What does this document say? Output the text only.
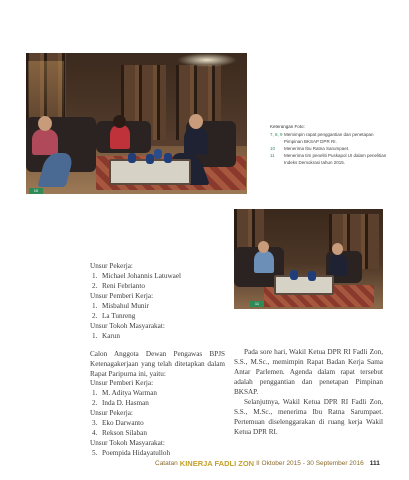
10
Keterangan Foto:
7, 8, 9 Memimpin rapat penggantian dan penetapan Pimpinan BKSAP DPR RI.
10	Menerima Ibu Ratna Sarumpaet.
11	Menerima tim peneliti Puskapol UI dalam penelitian Indeks Demokrasi tahun 2015.
11
Unsur Pekerja:
1. Michael Johannis Latuwael
2. Reni Febrianto
Unsur Pemberi Kerja:
1. Misbahul Munir
2. La Tunreng
Unsur Tokoh Masyarakat:
1. Karun
Calon Anggota Dewan Pengawas BPJS Ketenagakerjaan yang telah ditetapkan dalam Rapat Paripurna ini, yaitu:
Unsur Pemberi Kerja:
1. M. Aditya Warman
2. Inda D. Hasman
Unsur Pekerja:
3. Eko Darwanto
4. Rekson Silaban
Unsur Tokoh Masyarakat:
5. Poempida Hidayatulloh

Pada sore hari, Wakil Ketua DPR RI Fadli Zon, S.S., M.Sc., memimpin Rapat Badan Kerja Sama Antar Parlemen. Agenda dalam rapat tersebut adalah penggantian dan penetapan Pimpinan BKSAP.

Selanjutnya, Wakil Ketua DPR RI Fadli Zon, S.S., M.Sc., menerima Ibu Ratna Sarumpaet. Pertemuan diselenggarakan di ruang kerja Wakil Ketua DPR RI.

Catatan KINERJA FADLI ZON II Oktober 2015 - 30 September 2016 111
